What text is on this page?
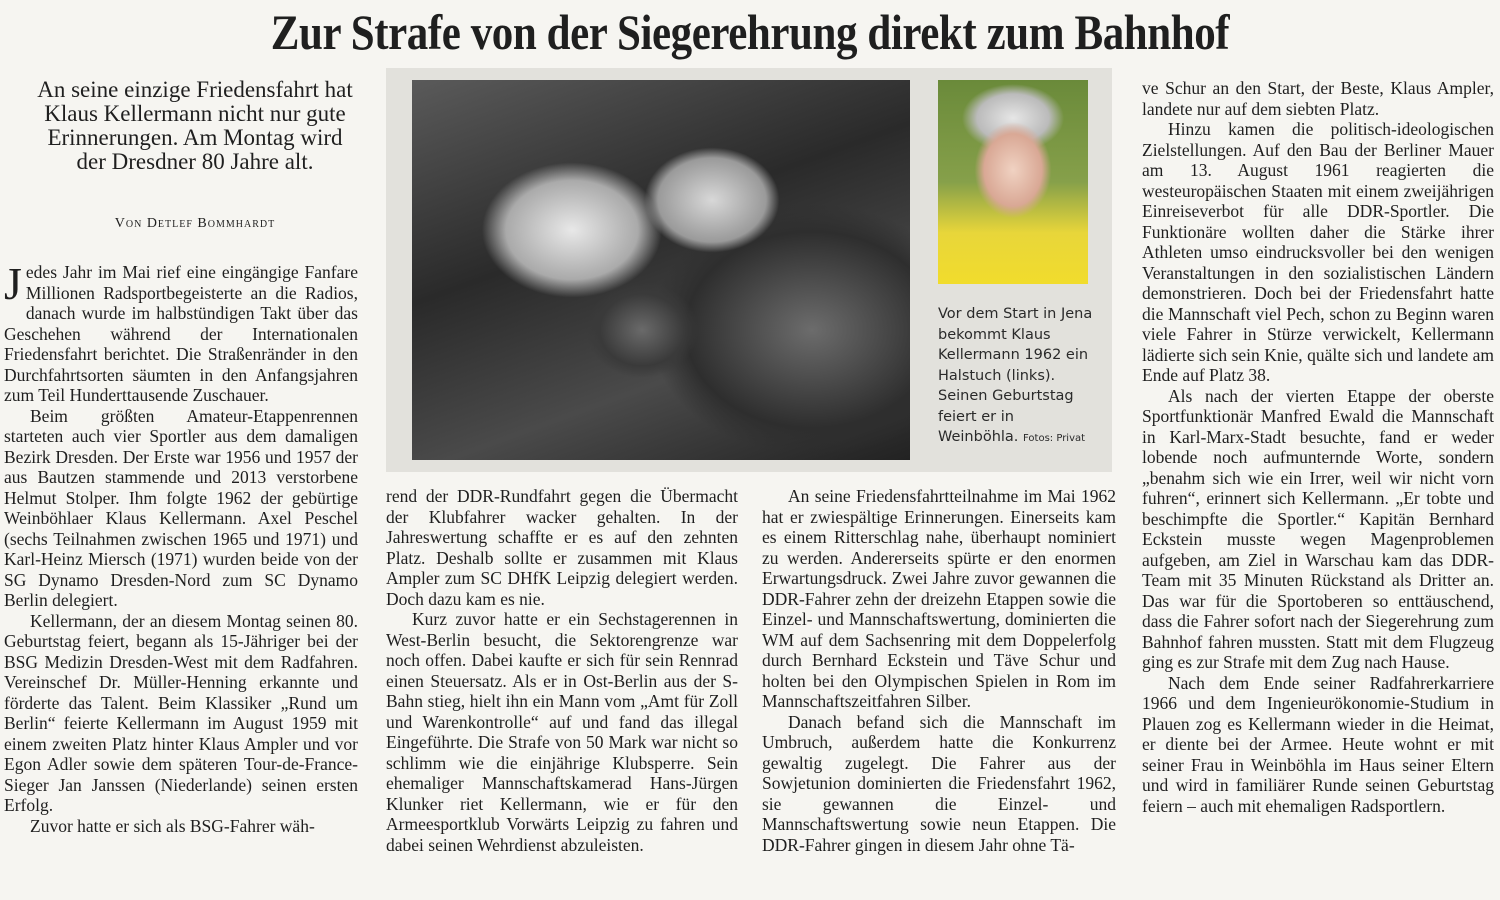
Zur Strafe von der Siegerehrung direkt zum Bahnhof

An seine einzige Friedensfahrt hat Klaus Kellermann nicht nur gute Erinnerungen. Am Montag wird der Dresdner 80 Jahre alt.

Von Detlef Bommhardt

Jedes Jahr im Mai rief eine eingängige Fanfare Millionen Radsportbegeisterte an die Radios, danach wurde im halbstündigen Takt über das Geschehen während der Internationalen Friedensfahrt berichtet. Die Straßenränder in den Durchfahrtsorten säumten in den Anfangsjahren zum Teil Hunderttausende Zuschauer.

Beim größten Amateur-Etappenrennen starteten auch vier Sportler aus dem damaligen Bezirk Dresden. Der Erste war 1956 und 1957 der aus Bautzen stammende und 2013 verstorbene Helmut Stolper. Ihm folgte 1962 der gebürtige Weinböhlaer Klaus Kellermann. Axel Peschel (sechs Teilnahmen zwischen 1965 und 1971) und Karl-Heinz Miersch (1971) wurden beide von der SG Dynamo Dresden-Nord zum SC Dynamo Berlin delegiert.

Kellermann, der an diesem Montag seinen 80. Geburtstag feiert, begann als 15-Jähriger bei der BSG Medizin Dresden-West mit dem Radfahren. Vereinschef Dr. Müller-Henning erkannte und förderte das Talent. Beim Klassiker „Rund um Berlin“ feierte Kellermann im August 1959 mit einem zweiten Platz hinter Klaus Ampler und vor Egon Adler sowie dem späteren Tour-de-France-Sieger Jan Janssen (Niederlande) seinen ersten Erfolg.

Zuvor hatte er sich als BSG-Fahrer wäh-

Vor dem Start in Jena bekommt Klaus Kellermann 1962 ein Halstuch (links). Seinen Geburtstag feiert er in Weinböhla. Fotos: Privat

rend der DDR-Rundfahrt gegen die Übermacht der Klubfahrer wacker gehalten. In der Jahreswertung schaffte er es auf den zehnten Platz. Deshalb sollte er zusammen mit Klaus Ampler zum SC DHfK Leipzig delegiert werden. Doch dazu kam es nie.

Kurz zuvor hatte er ein Sechstagerennen in West-Berlin besucht, die Sektorengrenze war noch offen. Dabei kaufte er sich für sein Rennrad einen Steuersatz. Als er in Ost-Berlin aus der S-Bahn stieg, hielt ihn ein Mann vom „Amt für Zoll und Warenkontrolle“ auf und fand das illegal Eingeführte. Die Strafe von 50 Mark war nicht so schlimm wie die einjährige Klubsperre. Sein ehemaliger Mannschaftskamerad Hans-Jürgen Klunker riet Kellermann, wie er für den Armeesportklub Vorwärts Leipzig zu fahren und dabei seinen Wehrdienst abzuleisten.

An seine Friedensfahrtteilnahme im Mai 1962 hat er zwiespältige Erinnerungen. Einerseits kam es einem Ritterschlag nahe, überhaupt nominiert zu werden. Andererseits spürte er den enormen Erwartungsdruck. Zwei Jahre zuvor gewannen die DDR-Fahrer zehn der dreizehn Etappen sowie die Einzel- und Mannschaftswertung, dominierten die WM auf dem Sachsenring mit dem Doppelerfolg durch Bernhard Eckstein und Täve Schur und holten bei den Olympischen Spielen in Rom im Mannschaftszeitfahren Silber.

Danach befand sich die Mannschaft im Umbruch, außerdem hatte die Konkurrenz gewaltig zugelegt. Die Fahrer aus der Sowjetunion dominierten die Friedensfahrt 1962, sie gewannen die Einzel- und Mannschaftswertung sowie neun Etappen. Die DDR-Fahrer gingen in diesem Jahr ohne Tä-

ve Schur an den Start, der Beste, Klaus Ampler, landete nur auf dem siebten Platz.

Hinzu kamen die politisch-ideologischen Zielstellungen. Auf den Bau der Berliner Mauer am 13. August 1961 reagierten die westeuropäischen Staaten mit einem zweijährigen Einreiseverbot für alle DDR-Sportler. Die Funktionäre wollten daher die Stärke ihrer Athleten umso eindrucksvoller bei den wenigen Veranstaltungen in den sozialistischen Ländern demonstrieren. Doch bei der Friedensfahrt hatte die Mannschaft viel Pech, schon zu Beginn waren viele Fahrer in Stürze verwickelt, Kellermann lädierte sich sein Knie, quälte sich und landete am Ende auf Platz 38.

Als nach der vierten Etappe der oberste Sportfunktionär Manfred Ewald die Mannschaft in Karl-Marx-Stadt besuchte, fand er weder lobende noch aufmunternde Worte, sondern „benahm sich wie ein Irrer, weil wir nicht vorn fuhren“, erinnert sich Kellermann. „Er tobte und beschimpfte die Sportler.“ Kapitän Bernhard Eckstein musste wegen Magenproblemen aufgeben, am Ziel in Warschau kam das DDR-Team mit 35 Minuten Rückstand als Dritter an. Das war für die Sportoberen so enttäuschend, dass die Fahrer sofort nach der Siegerehrung zum Bahnhof fahren mussten. Statt mit dem Flugzeug ging es zur Strafe mit dem Zug nach Hause.

Nach dem Ende seiner Radfahrerkarriere 1966 und dem Ingenieurökonomie-Studium in Plauen zog es Kellermann wieder in die Heimat, er diente bei der Armee. Heute wohnt er mit seiner Frau in Weinböhla im Haus seiner Eltern und wird in familiärer Runde seinen Geburtstag feiern – auch mit ehemaligen Radsportlern.
